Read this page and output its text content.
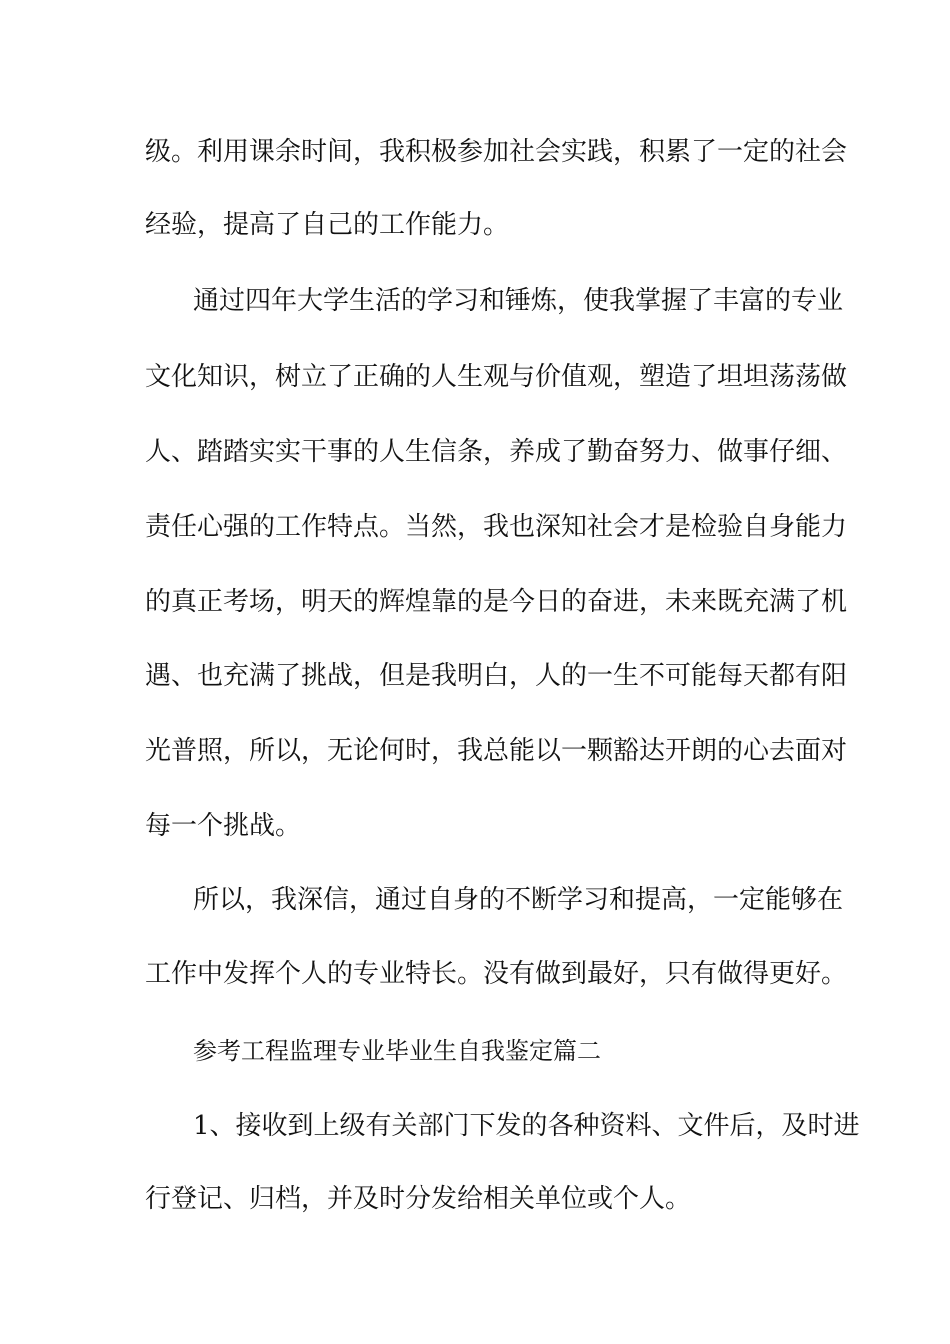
级。利用课余时间，我积极参加社会实践，积累了一定的社会

经验，提高了自己的工作能力。

通过四年大学生活的学习和锤炼，使我掌握了丰富的专业

文化知识，树立了正确的人生观与价值观，塑造了坦坦荡荡做

人、踏踏实实干事的人生信条，养成了勤奋努力、做事仔细、

责任心强的工作特点。当然，我也深知社会才是检验自身能力

的真正考场，明天的辉煌靠的是今日的奋进，未来既充满了机

遇、也充满了挑战，但是我明白，人的一生不可能每天都有阳

光普照，所以，无论何时，我总能以一颗豁达开朗的心去面对

每一个挑战。

所以，我深信，通过自身的不断学习和提高，一定能够在

工作中发挥个人的专业特长。没有做到最好，只有做得更好。

参考工程监理专业毕业生自我鉴定篇二

1、接收到上级有关部门下发的各种资料、文件后，及时进

行登记、归档，并及时分发给相关单位或个人。
